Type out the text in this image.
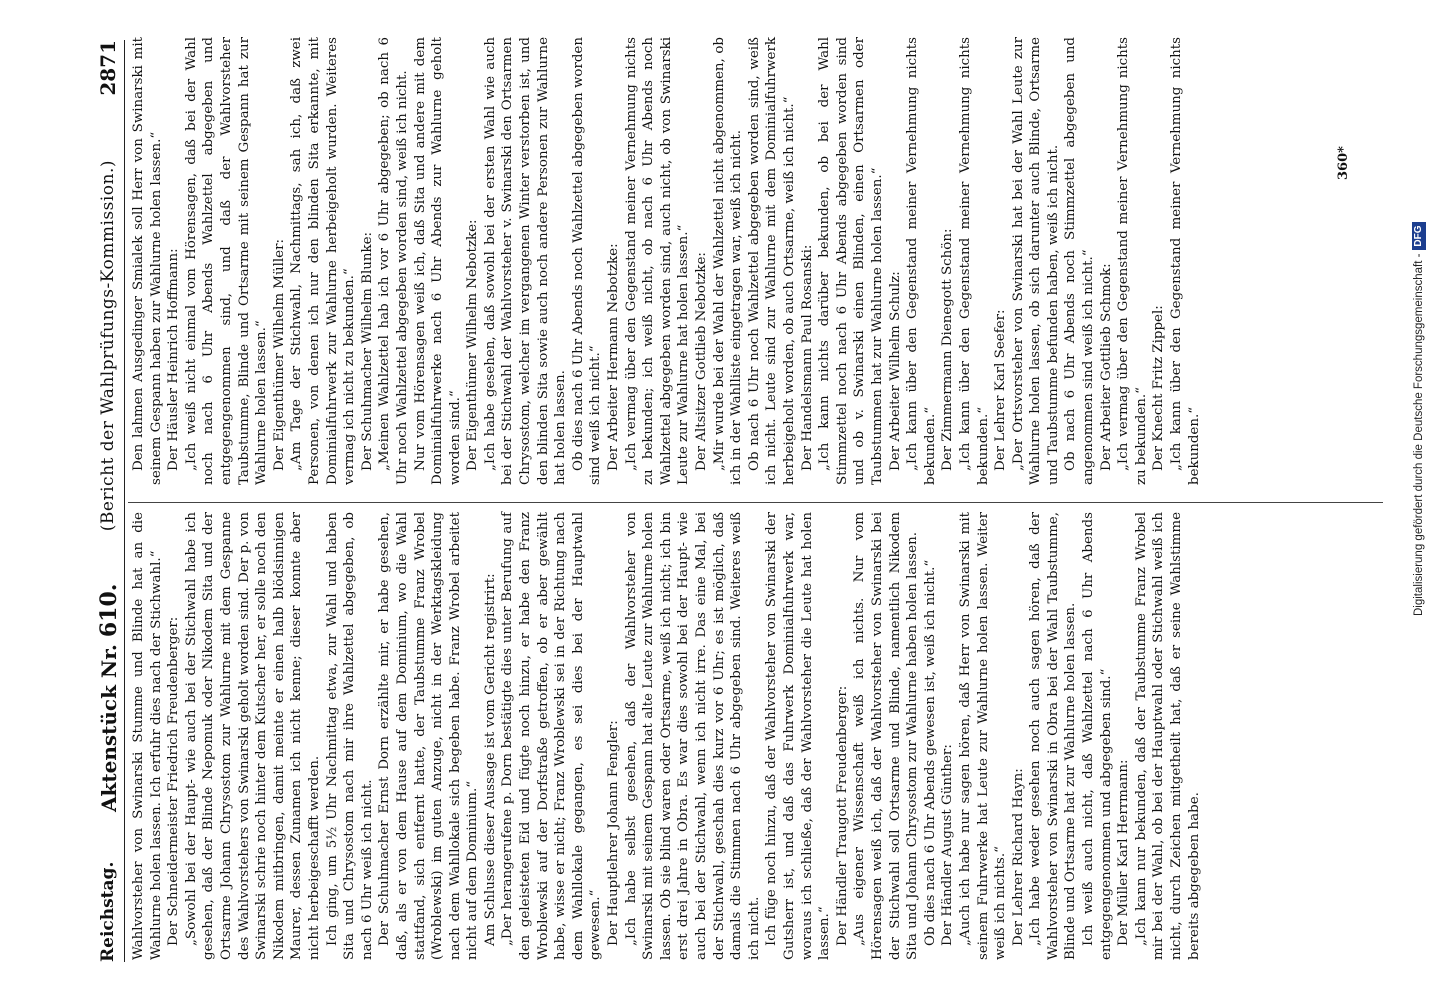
Reichstag.
Aktenstück Nr. 610.
(Bericht der Wahlprüfungs-Kommission.)
2871

Wahlvorsteher von Swinarski Stumme und Blinde hat an die Wahlurne holen lassen. Ich erfuhr dies nach der Stichwahl.“ Der Schneidermeister Friedrich Freudenberger: „Sowohl bei der Haupt- wie auch bei der Stichwahl habe ich gesehen, daß der Blinde Nepomuk oder Nikodem Sita und der Ortsarme Johann Chrysostom zur Wahlurne mit dem Gespanne des Wahlvorstehers von Swinarski geholt worden sind. Der p. von Swinarski schrie noch hinter dem Kutscher her, er solle noch den Nikodem mitbringen, damit meinte er einen halb blödsinnigen Maurer, dessen Zunamen ich nicht kenne; dieser konnte aber nicht herbeigeschafft werden. Ich ging, um 5½ Uhr Nachmittag etwa, zur Wahl und haben Sita und Chrysostom nach mir ihre Wahlzettel abgegeben, ob nach 6 Uhr weiß ich nicht. Der Schuhmacher Ernst Dorn erzählte mir, er habe gesehen, daß, als er von dem Hause auf dem Dominium, wo die Wahl stattfand, sich entfernt hatte, der Taubstumme Franz Wrobel (Wroblewski) im guten Anzuge, nicht in der Werktagskleidung nach dem Wahllokale sich begeben habe. Franz Wrobel arbeitet nicht auf dem Dominium.“ Am Schlusse dieser Aussage ist vom Gericht registrirt: „Der herangerufene p. Dorn bestätigte dies unter Berufung auf den geleisteten Eid und fügte noch hinzu, er habe den Franz Wroblewski auf der Dorfstraße getroffen, ob er aber gewählt habe, wisse er nicht; Franz Wroblewski sei in der Richtung nach dem Wahllokale gegangen, es sei dies bei der Hauptwahl gewesen.“ Der Hauptlehrer Johann Fengler: „Ich habe selbst gesehen, daß der Wahlvorsteher von Swinarski mit seinem Gespann hat alte Leute zur Wahlurne holen lassen. Ob sie blind waren oder Ortsarme, weiß ich nicht; ich bin erst drei Jahre in Obra. Es war dies sowohl bei der Haupt- wie auch bei der Stichwahl, wenn ich nicht irre. Das eine Mal, bei der Stichwahl, geschah dies kurz vor 6 Uhr; es ist möglich, daß damals die Stimmen nach 6 Uhr abgegeben sind. Weiteres weiß ich nicht. Ich füge noch hinzu, daß der Wahlvorsteher von Swinarski der Gutsherr ist, und daß das Fuhrwerk Dominialfuhrwerk war, woraus ich schließe, daß der Wahlvorsteher die Leute hat holen lassen.“ Der Händler Traugott Freudenberger: „Aus eigener Wissenschaft weiß ich nichts. Nur vom Hörensagen weiß ich, daß der Wahlvorsteher von Swinarski bei der Stichwahl soll Ortsarme und Blinde, namentlich Nikodem Sita und Johann Chrysostom zur Wahlurne haben holen lassen. Ob dies nach 6 Uhr Abends gewesen ist, weiß ich nicht.“ Der Händler August Günther: „Auch ich habe nur sagen hören, daß Herr von Swinarski mit seinem Fuhrwerke hat Leute zur Wahlurne holen lassen. Weiter weiß ich nichts.“ Der Lehrer Richard Hayn: „Ich habe weder gesehen noch auch sagen hören, daß der Wahlvorsteher von Swinarski in Obra bei der Wahl Taubstumme, Blinde und Ortsarme hat zur Wahlurne holen lassen. Ich weiß auch nicht, daß Wahlzettel nach 6 Uhr Abends entgegengenommen und abgegeben sind.“ Der Müller Karl Herrmann: „Ich kann nur bekunden, daß der Taubstumme Franz Wrobel mir bei der Wahl, ob bei der Hauptwahl oder Stichwahl weiß ich nicht, durch Zeichen mitgetheilt hat, daß er seine Wahlstimme bereits abgegeben habe.

Den lahmen Ausgedinger Smialek soll Herr von Swinarski mit seinem Gespann haben zur Wahlurne holen lassen.“ Der Häusler Heinrich Hoffmann: „Ich weiß nicht einmal vom Hörensagen, daß bei der Wahl noch nach 6 Uhr Abends Wahlzettel abgegeben und entgegengenommen sind, und daß der Wahlvorsteher Taubstumme, Blinde und Ortsarme mit seinem Gespann hat zur Wahlurne holen lassen.“ Der Eigenthümer Wilhelm Müller: „Am Tage der Stichwahl, Nachmittags, sah ich, daß zwei Personen, von denen ich nur den blinden Sita erkannte, mit Dominialfuhrwerk zur Wahlurne herbeigeholt wurden. Weiteres vermag ich nicht zu bekunden.“ Der Schuhmacher Wilhelm Blunke: „Meinen Wahlzettel hab ich vor 6 Uhr abgegeben; ob nach 6 Uhr noch Wahlzettel abgegeben worden sind, weiß ich nicht. Nur vom Hörensagen weiß ich, daß Sita und andere mit dem Dominialfuhrwerke nach 6 Uhr Abends zur Wahlurne geholt worden sind.“ Der Eigenthümer Wilhelm Nebotzke: „Ich habe gesehen, daß sowohl bei der ersten Wahl wie auch bei der Stichwahl der Wahlvorsteher v. Swinarski den Ortsarmen Chrysostom, welcher im vergangenen Winter verstorben ist, und den blinden Sita sowie auch noch andere Personen zur Wahlurne hat holen lassen. Ob dies nach 6 Uhr Abends noch Wahlzettel abgegeben worden sind weiß ich nicht.“ Der Arbeiter Hermann Nebotzke: „Ich vermag über den Gegenstand meiner Vernehmung nichts zu bekunden; ich weiß nicht, ob nach 6 Uhr Abends noch Wahlzettel abgegeben worden sind, auch nicht, ob von Swinarski Leute zur Wahlurne hat holen lassen.“ Der Altsitzer Gottlieb Nebotzke: „Mir wurde bei der Wahl der Wahlzettel nicht abgenommen, ob ich in der Wahlliste eingetragen war, weiß ich nicht. Ob nach 6 Uhr noch Wahlzettel abgegeben worden sind, weiß ich nicht. Leute sind zur Wahlurne mit dem Dominialfuhrwerk herbeigeholt worden, ob auch Ortsarme, weiß ich nicht.“ Der Handelsmann Paul Rosanski: „Ich kann nichts darüber bekunden, ob bei der Wahl Stimmzettel noch nach 6 Uhr Abends abgegeben worden sind und ob v. Swinarski einen Blinden, einen Ortsarmen oder Taubstummen hat zur Wahlurne holen lassen.“ Der Arbeiter Wilhelm Schulz: „Ich kann über den Gegenstand meiner Vernehmung nichts bekunden.“ Der Zimmermann Dienegott Schön: „Ich kann über den Gegenstand meiner Vernehmung nichts bekunden.“ Der Lehrer Karl Seefer: „Der Ortsvorsteher von Swinarski hat bei der Wahl Leute zur Wahlurne holen lassen, ob sich darunter auch Blinde, Ortsarme und Taubstumme befunden haben, weiß ich nicht. Ob nach 6 Uhr Abends noch Stimmzettel abgegeben und angenommen sind weiß ich nicht.“ Der Arbeiter Gottlieb Schmok: „Ich vermag über den Gegenstand meiner Vernehmung nichts zu bekunden.“ Der Knecht Fritz Zippel: „Ich kann über den Gegenstand meiner Vernehmung nichts bekunden.“

360*
Digitalisierung gefördert durch die Deutsche Forschungsgemeinschaft -
DFG
